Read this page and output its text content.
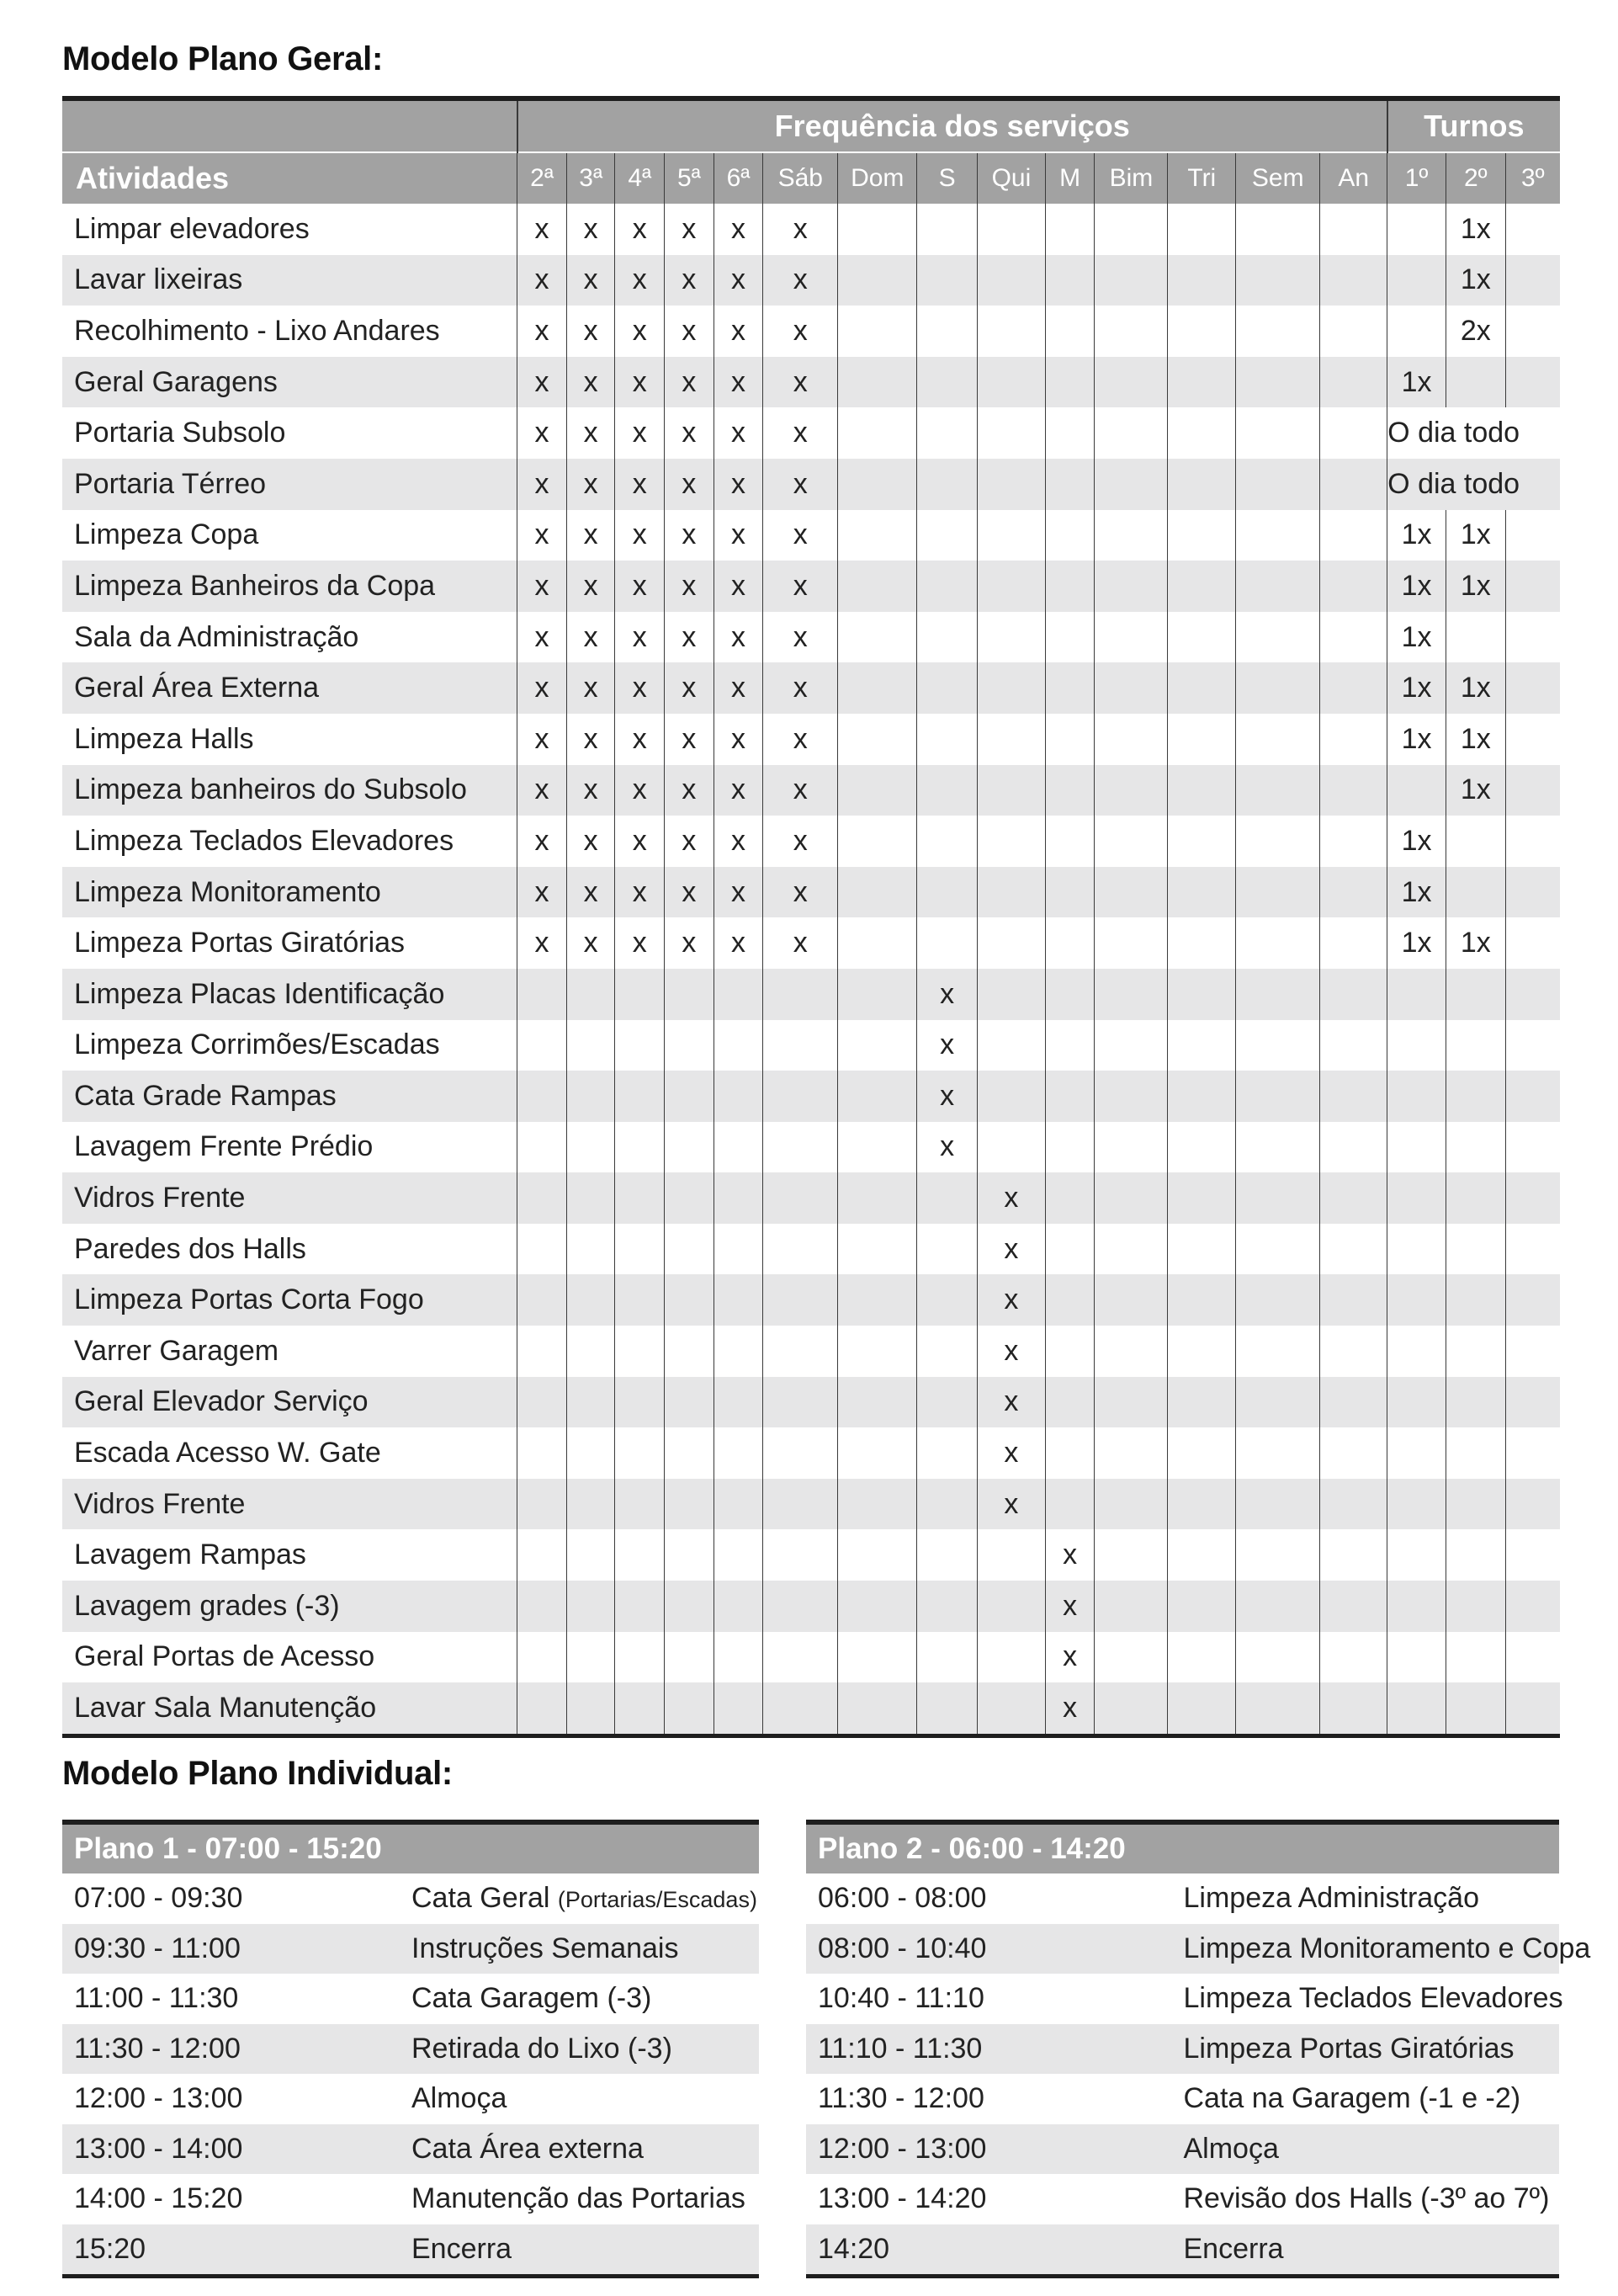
Modelo Plano Geral:
	Frequência dos serviços														Turnos		
Atividades	2ª	3ª	4ª	5ª	6ª	Sáb	Dom	S	Qui	M	Bim	Tri	Sem	An	1º	2º	3º
Limpar elevadores	x	x	x	x	x	x										1x	
Lavar lixeiras	x	x	x	x	x	x										1x	
Recolhimento - Lixo Andares	x	x	x	x	x	x										2x	
Geral Garagens	x	x	x	x	x	x									1x		
Portaria Subsolo	x	x	x	x	x	x									O dia todo		
Portaria Térreo	x	x	x	x	x	x									O dia todo		
Limpeza Copa	x	x	x	x	x	x									1x	1x	
Limpeza Banheiros da Copa	x	x	x	x	x	x									1x	1x	
Sala da Administração	x	x	x	x	x	x									1x		
Geral Área Externa	x	x	x	x	x	x									1x	1x	
Limpeza Halls	x	x	x	x	x	x									1x	1x	
Limpeza banheiros do Subsolo	x	x	x	x	x	x										1x	
Limpeza Teclados Elevadores	x	x	x	x	x	x									1x		
Limpeza Monitoramento	x	x	x	x	x	x									1x		
Limpeza Portas Giratórias	x	x	x	x	x	x									1x	1x	
Limpeza Placas Identificação								x									
Limpeza Corrimões/Escadas								x									
Cata Grade Rampas								x									
Lavagem Frente Prédio								x									
Vidros Frente									x								
Paredes dos Halls									x								
Limpeza Portas Corta Fogo									x								
Varrer Garagem									x								
Geral Elevador Serviço									x								
Escada Acesso W. Gate									x								
Vidros Frente									x								
Lavagem Rampas										x							
Lavagem grades (-3)										x							
Geral Portas de Acesso										x							
Lavar Sala Manutenção										x							
Modelo Plano Individual:
Plano 1 - 07:00 - 15:20	
07:00 - 09:30	Cata Geral (Portarias/Escadas)
09:30 - 11:00	Instruções Semanais
11:00 - 11:30	Cata Garagem (-3)
11:30 - 12:00	Retirada do Lixo (-3)
12:00 - 13:00	Almoça
13:00 - 14:00	Cata Área externa
14:00 - 15:20	Manutenção das Portarias
15:20	Encerra
Plano 2 - 06:00 - 14:20	
06:00 - 08:00	Limpeza Administração
08:00 - 10:40	Limpeza Monitoramento e Copa
10:40 - 11:10	Limpeza Teclados Elevadores
11:10 - 11:30	Limpeza Portas Giratórias
11:30 - 12:00	Cata na Garagem (-1 e -2)
12:00 - 13:00	Almoça
13:00 - 14:20	Revisão dos Halls (-3º ao 7º)
14:20	Encerra
